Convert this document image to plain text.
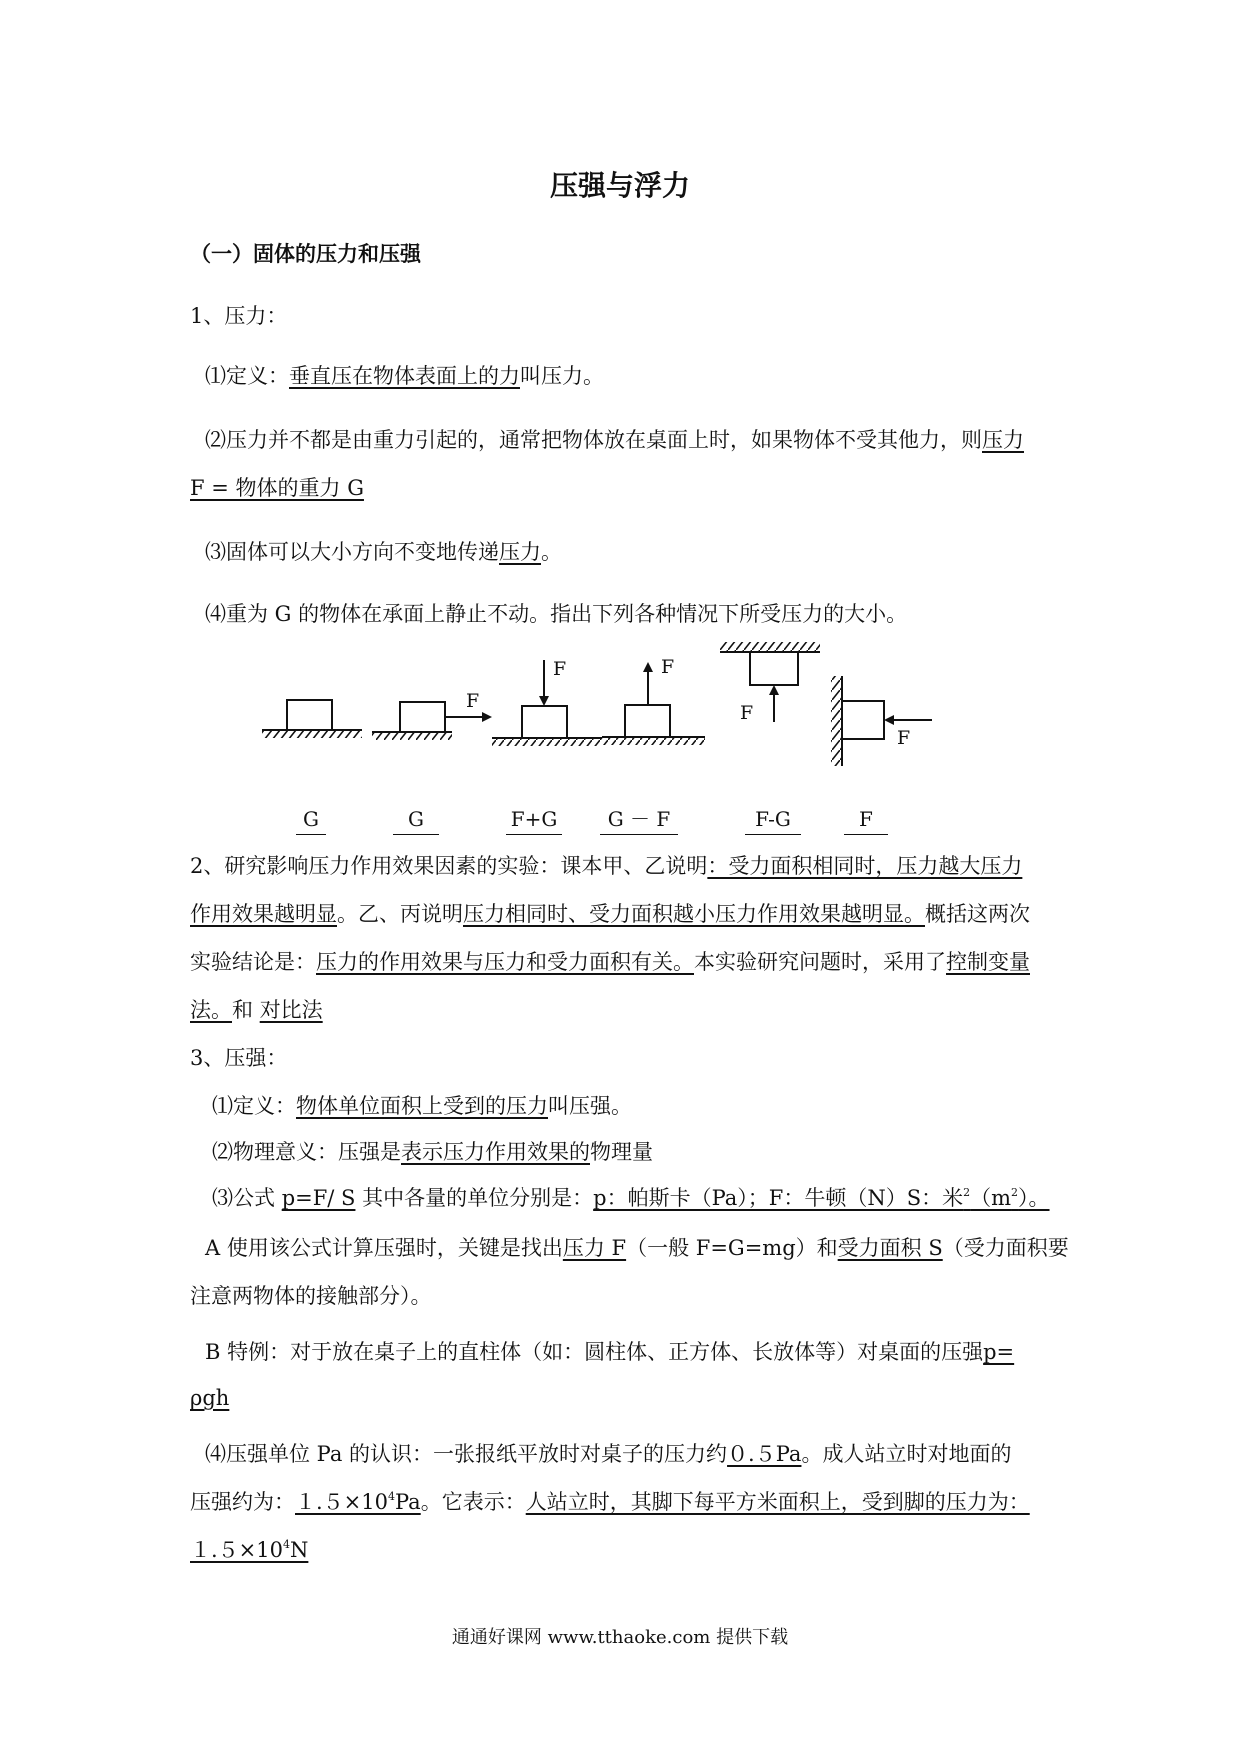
压强与浮力
（一）固体的压力和压强
1、压力：
⑴定义：垂直压在物体表面上的力叫压力。
⑵压力并不都是由重力引起的，通常把物体放在桌面上时，如果物体不受其他力，则压力
F = 物体的重力 G
⑶固体可以大小方向不变地传递压力。
⑷重为 G 的物体在承面上静止不动。指出下列各种情况下所受压力的大小。
F
F	F
F
F
G	G	F+G	G － F	F-G	F
2、研究影响压力作用效果因素的实验：课本甲、乙说明：受力面积相同时，压力越大压力
作用效果越明显。乙、丙说明压力相同时、受力面积越小压力作用效果越明显。概括这两次
实验结论是：压力的作用效果与压力和受力面积有关。本实验研究问题时，采用了控制变量
法。和 对比法
3、压强：
⑴定义：物体单位面积上受到的压力叫压强。
⑵物理意义：压强是表示压力作用效果的物理量
⑶公式 p=F/ S 其中各量的单位分别是：p：帕斯卡（Pa）；F：牛顿（N）S：米$^2(m^2)$。
A 使用该公式计算压强时，关键是找出压力 F（一般 F=G=mg）和受力面积 S（受力面积要
注意两物体的接触部分）。
B 特例：对于放在桌子上的直柱体（如：圆柱体、正方体、长放体等）对桌面的压强p=
ρgh
⑷压强单位 Pa 的认识：一张报纸平放时对桌子的压力约０.５Pa。成人站立时对地面的
压强约为：$1.5\times 10^4Pa$。它表示：人站立时，其脚下每平方米面积上，受到脚的压力为：
$1.5\times 10^4N$
通通好课网 www.tthaoke.com 提供下载
